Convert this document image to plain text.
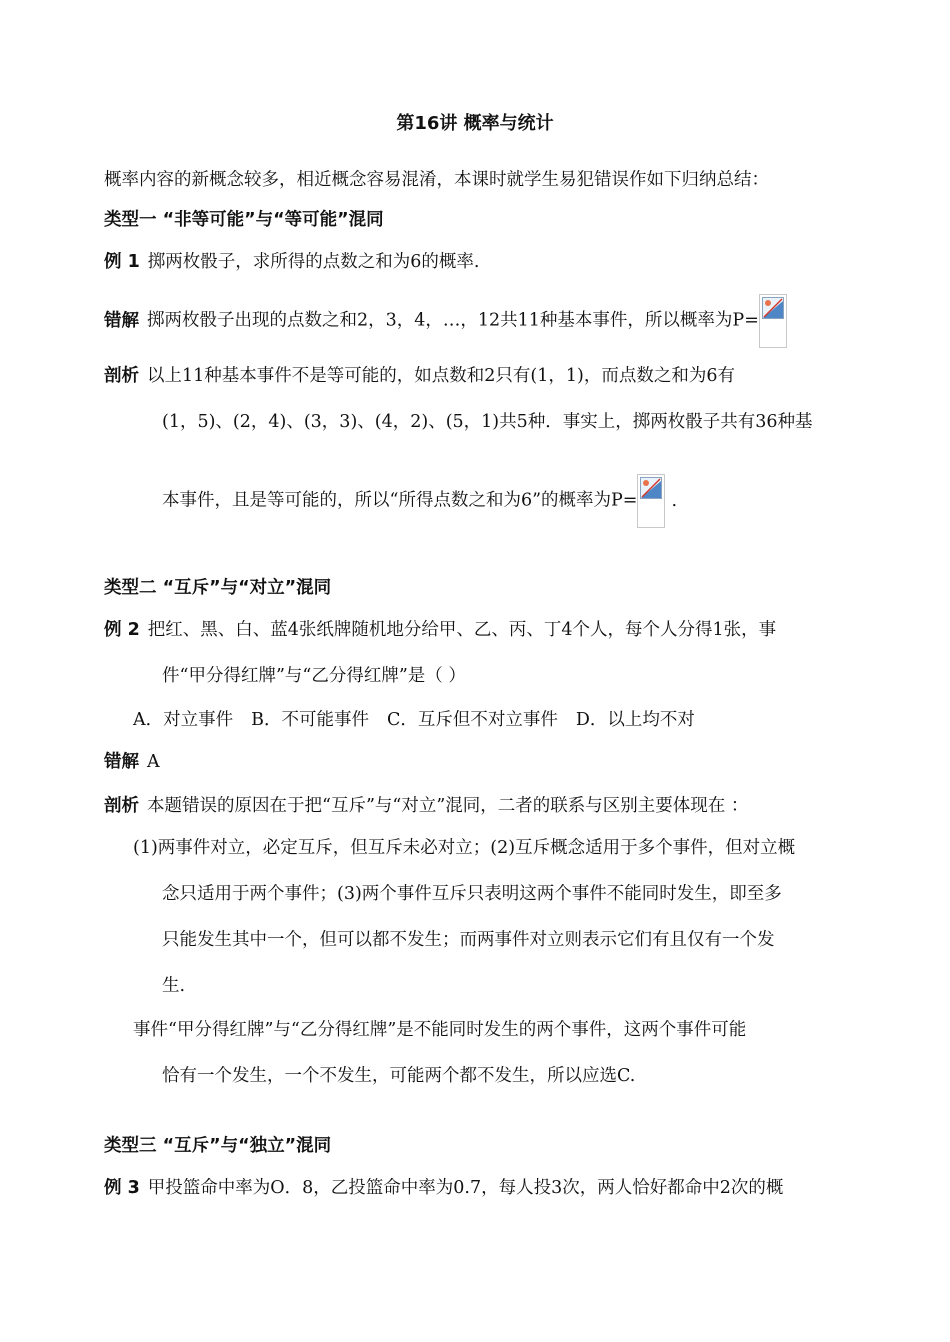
第16讲 概率与统计
概率内容的新概念较多，相近概念容易混淆，本课时就学生易犯错误作如下归纳总结：
类型一 “非等可能”与“等可能”混同
例 1 掷两枚骰子，求所得的点数之和为6的概率.
错解 掷两枚骰子出现的点数之和2，3，4，…，12共11种基本事件，所以概率为P=
剖析 以上11种基本事件不是等可能的，如点数和2只有(1，1)，而点数之和为6有
(1，5)、(2，4)、(3，3)、(4，2)、(5，1)共5种．事实上，掷两枚骰子共有36种基
本事件，且是等可能的，所以“所得点数之和为6”的概率为P= .
类型二 “互斥”与“对立”混同
例 2 把红、黑、白、蓝4张纸牌随机地分给甲、乙、丙、丁4个人，每个人分得1张，事
件“甲分得红牌”与“乙分得红牌”是（ ）
A．对立事件 B．不可能事件 C．互斥但不对立事件 D．以上均不对
错解 A
剖析 本题错误的原因在于把“互斥”与“对立”混同，二者的联系与区别主要体现在 ：
(1)两事件对立，必定互斥，但互斥未必对立；(2)互斥概念适用于多个事件，但对立概
念只适用于两个事件；(3)两个事件互斥只表明这两个事件不能同时发生，即至多
只能发生其中一个，但可以都不发生；而两事件对立则表示它们有且仅有一个发
生.
事件“甲分得红牌”与“乙分得红牌”是不能同时发生的两个事件，这两个事件可能
恰有一个发生，一个不发生，可能两个都不发生，所以应选C.
类型三 “互斥”与“独立”混同
例 3 甲投篮命中率为O．8，乙投篮命中率为0.7，每人投3次，两人恰好都命中2次的概
